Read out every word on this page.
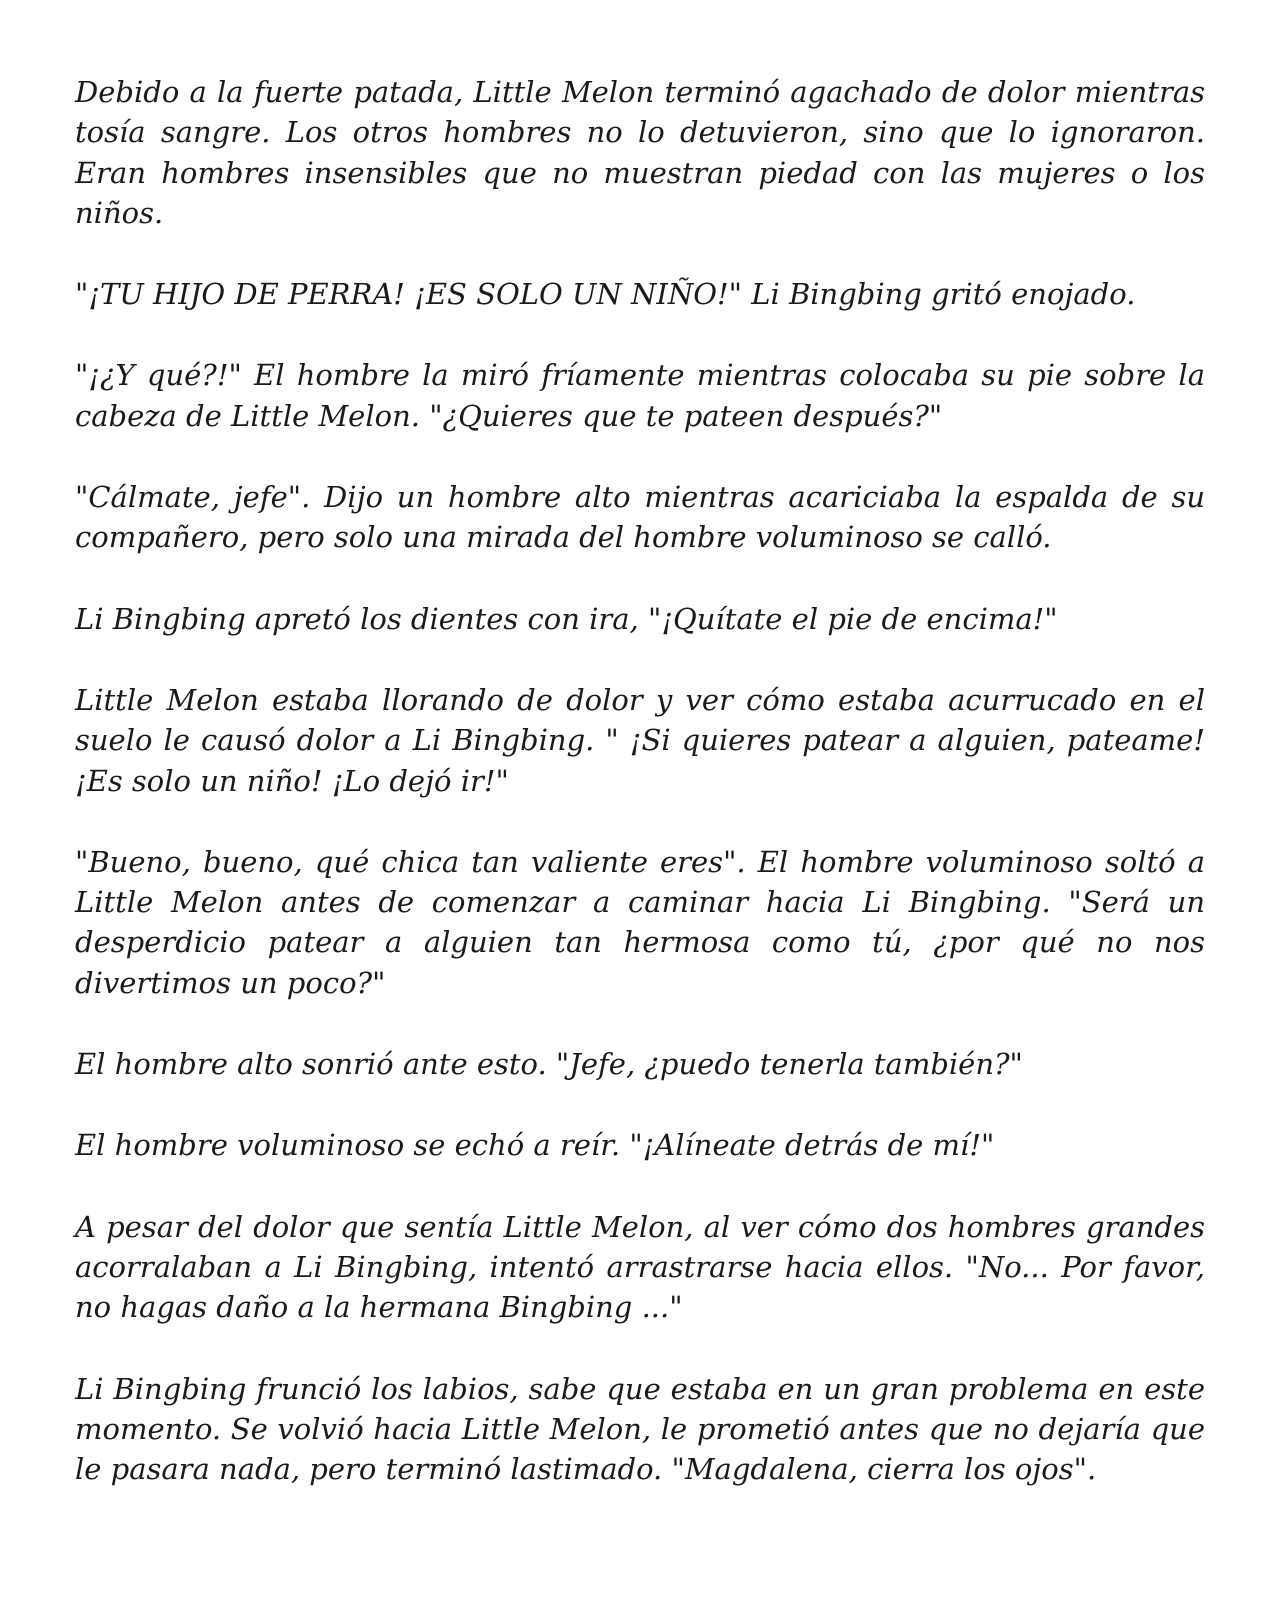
Debido a la fuerte patada, Little Melon terminó agachado de dolor mientras tosía sangre. Los otros hombres no lo detuvieron, sino que lo ignoraron. Eran hombres insensibles que no muestran piedad con las mujeres o los niños.

"¡TU HIJO DE PERRA! ¡ES SOLO UN NIÑO!" Li Bingbing gritó enojado.

"¡¿Y qué?!" El hombre la miró fríamente mientras colocaba su pie sobre la cabeza de Little Melon. "¿Quieres que te pateen después?"

"Cálmate, jefe". Dijo un hombre alto mientras acariciaba la espalda de su compañero, pero solo una mirada del hombre voluminoso se calló.

Li Bingbing apretó los dientes con ira, "¡Quítate el pie de encima!"

Little Melon estaba llorando de dolor y ver cómo estaba acurrucado en el suelo le causó dolor a Li Bingbing. " ¡Si quieres patear a alguien, pateame! ¡Es solo un niño! ¡Lo dejó ir!"

"Bueno, bueno, qué chica tan valiente eres". El hombre voluminoso soltó a Little Melon antes de comenzar a caminar hacia Li Bingbing. "Será un desperdicio patear a alguien tan hermosa como tú, ¿por qué no nos divertimos un poco?"

El hombre alto sonrió ante esto. "Jefe, ¿puedo tenerla también?"

El hombre voluminoso se echó a reír. "¡Alíneate detrás de mí!"

A pesar del dolor que sentía Little Melon, al ver cómo dos hombres grandes acorralaban a Li Bingbing, intentó arrastrarse hacia ellos. "No... Por favor, no hagas daño a la hermana Bingbing ..."

Li Bingbing frunció los labios, sabe que estaba en un gran problema en este momento. Se volvió hacia Little Melon, le prometió antes que no dejaría que le pasara nada, pero terminó lastimado. "Magdalena, cierra los ojos".
